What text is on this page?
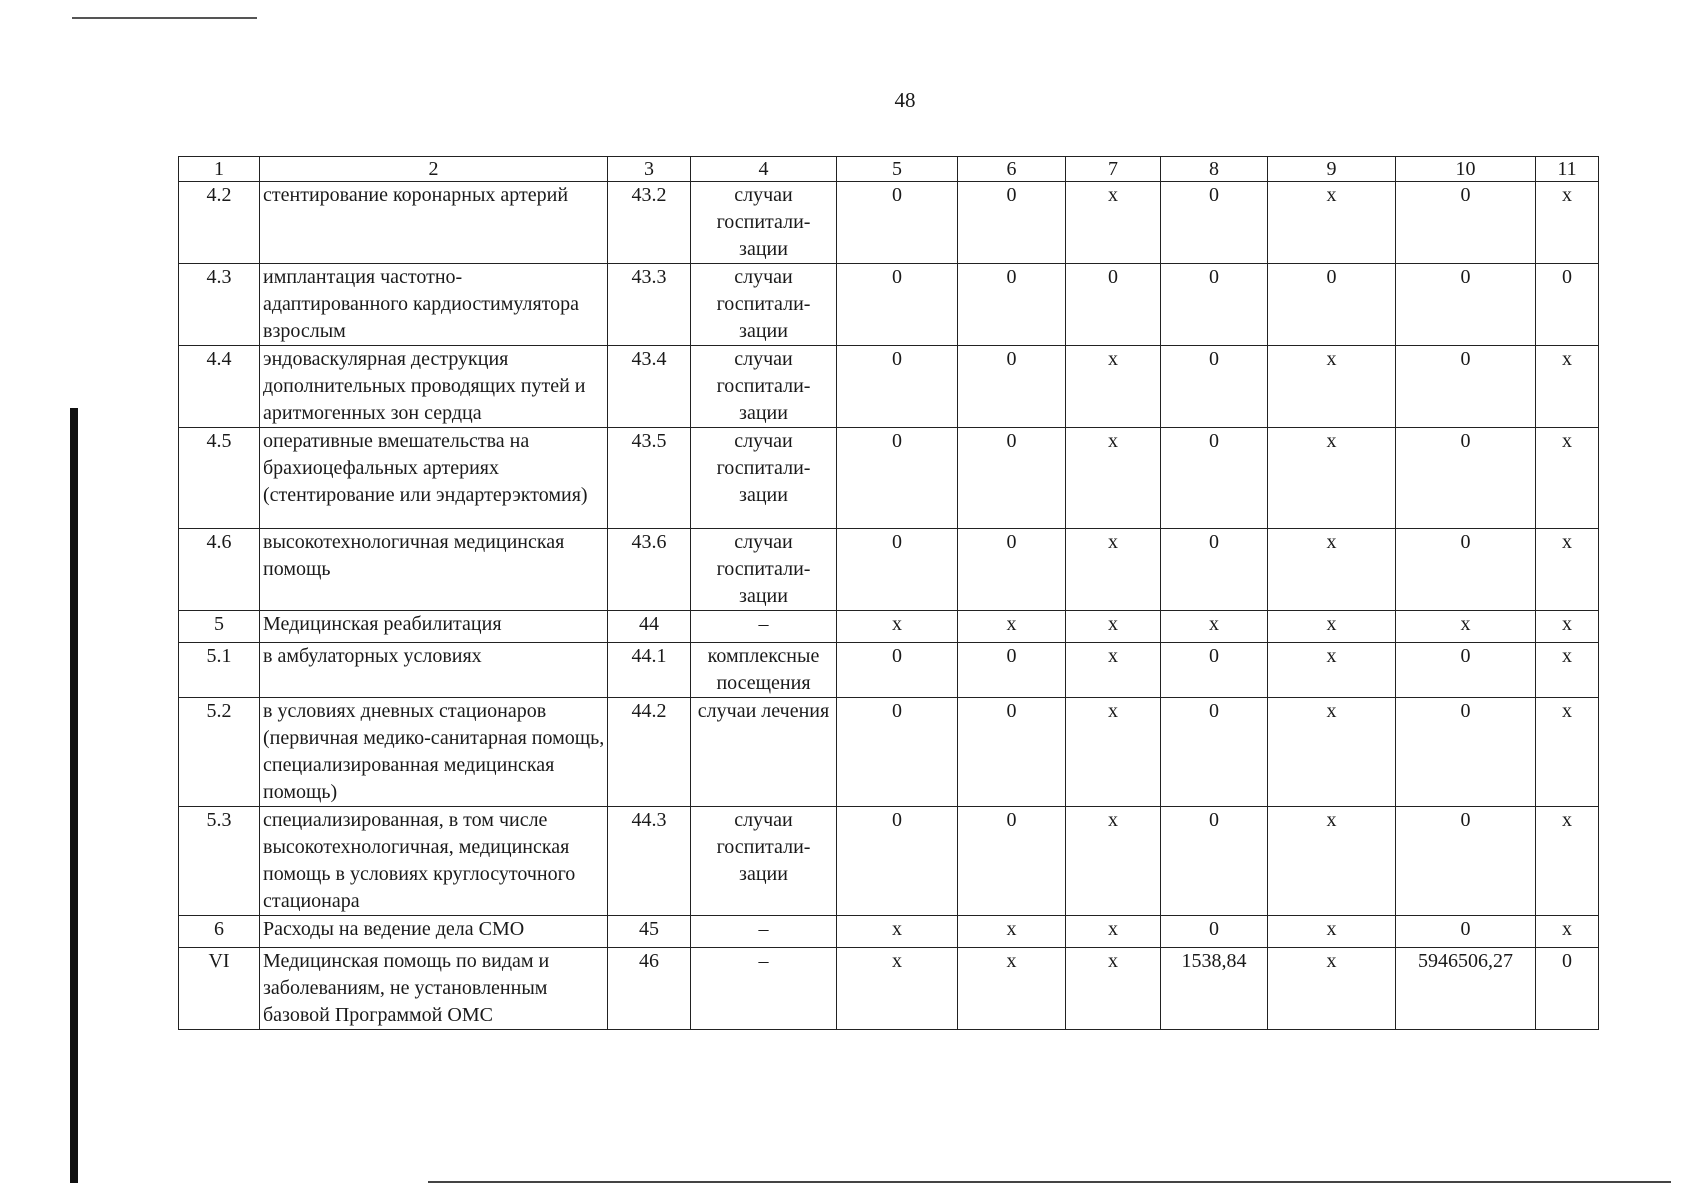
48
1	2	3	4	5	6	7	8	9	10	11
4.2	стентирование коронарных артерий	43.2	случаи госпитали-зации	0	0	x	0	x	0	x
4.3	имплантация частотно-адаптированного кардиостимулятора взрослым	43.3	случаи госпитали-зации	0	0	0	0	0	0	0
4.4	эндоваскулярная деструкция дополнительных проводящих путей и аритмогенных зон сердца	43.4	случаи госпитали-зации	0	0	x	0	x	0	x
4.5	оперативные вмешательства на брахиоцефальных артериях (стентирование или эндартерэктомия)	43.5	случаи госпитали-зации	0	0	x	0	x	0	x
4.6	высокотехнологичная медицинская помощь	43.6	случаи госпитали-зации	0	0	x	0	x	0	x
5	Медицинская реабилитация	44	–	x	x	x	x	x	x	x
5.1	в амбулаторных условиях	44.1	комплексные посещения	0	0	x	0	x	0	x
5.2	в условиях дневных стационаров (первичная медико-санитарная помощь, специализированная медицинская помощь)	44.2	случаи лечения	0	0	x	0	x	0	x
5.3	специализированная, в том числе высокотехнологичная, медицинская помощь в условиях круглосуточного стационара	44.3	случаи госпитали-зации	0	0	x	0	x	0	x
6	Расходы на ведение дела СМО	45	–	x	x	x	0	x	0	x
VI	Медицинская помощь по видам и заболеваниям, не установленным базовой Программой ОМС	46	–	x	x	x	1538,84	x	5946506,27	0
